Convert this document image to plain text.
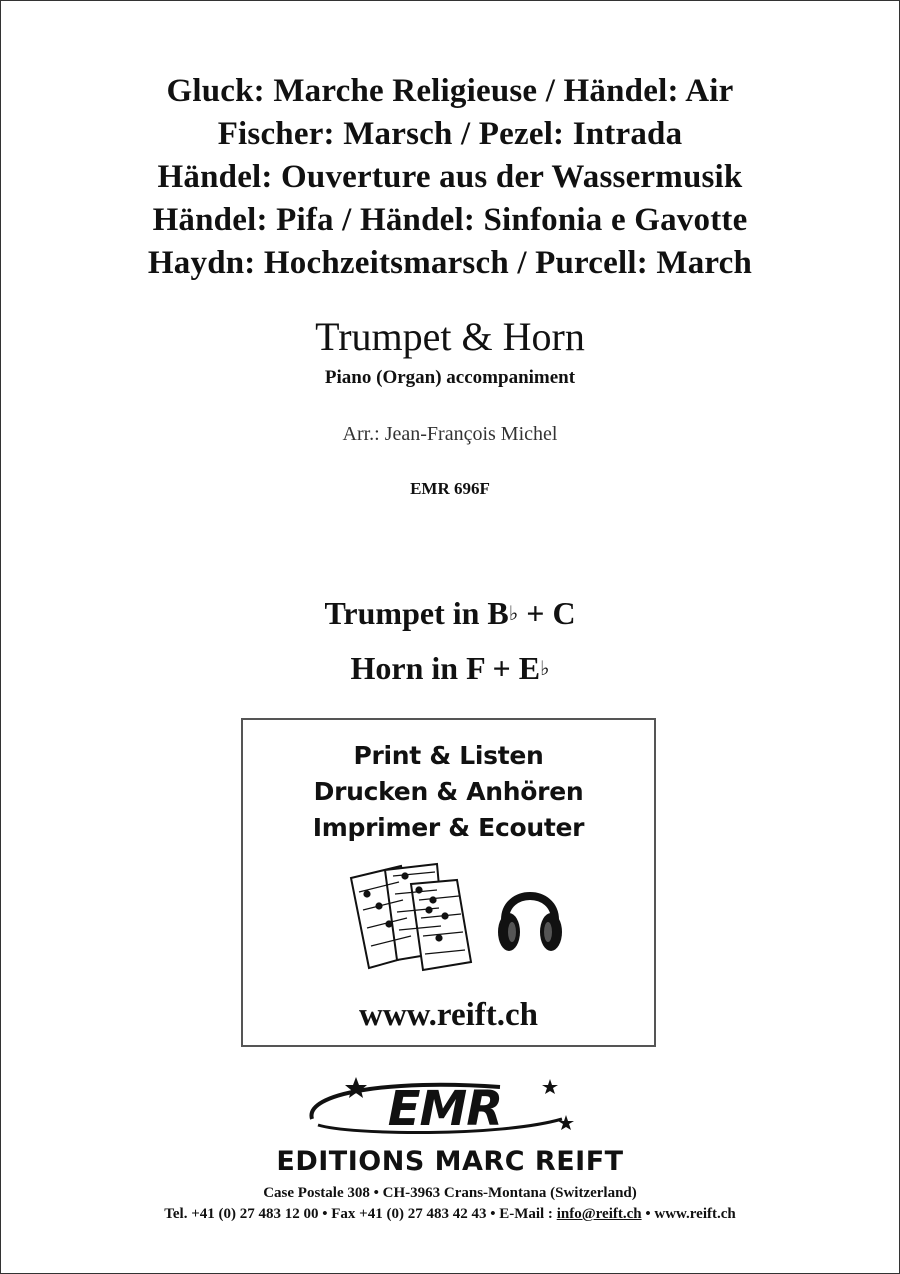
Gluck: Marche Religieuse / Händel: Air
Fischer: Marsch / Pezel: Intrada
Händel: Ouverture aus der Wassermusik
Händel: Pifa / Händel: Sinfonia e Gavotte
Haydn: Hochzeitsmarsch / Purcell: March
Trumpet & Horn
Piano (Organ) accompaniment
Arr.: Jean-François Michel
EMR 696F
Trumpet in B♭ + C
Horn in F + E♭
Print & Listen
Drucken & Anhören
Imprimer & Ecouter
www.reift.ch
EMR
EDITIONS MARC REIFT
Case Postale 308 • CH-3963 Crans-Montana (Switzerland)
Tel. +41 (0) 27 483 12 00 • Fax +41 (0) 27 483 42 43 • E-Mail : info@reift.ch • www.reift.ch
